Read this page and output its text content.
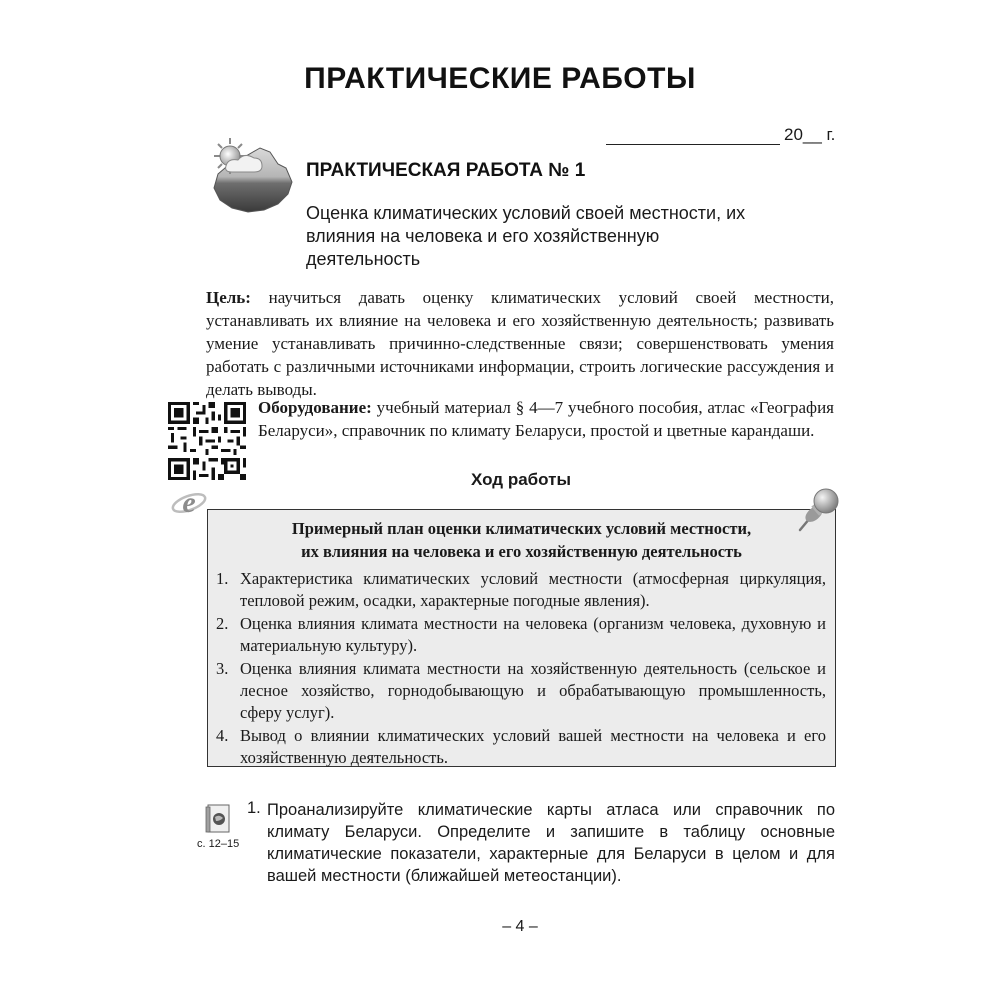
ПРАКТИЧЕСКИЕ РАБОТЫ
20__ г.
ПРАКТИЧЕСКАЯ РАБОТА № 1
Оценка климатических условий своей местности, их влияния на человека и его хозяйственную деятельность
Цель: научиться давать оценку климатических условий своей местности, устанавливать их влияние на человека и его хозяйственную деятельность; развивать умение устанавливать причинно-следственные связи; совершенствовать умения работать с различными источниками информации, строить логические рассуждения и делать выводы.
Оборудование: учебный материал § 4—7 учебного пособия, атлас «География Беларуси», справочник по климату Беларуси, простой и цветные карандаши.
e
Ход работы
Примерный план оценки климатических условий местности,
их влияния на человека и его хозяйственную деятельность
1. Характеристика климатических условий местности (атмосферная циркуляция, тепловой режим, осадки, характерные погодные явления).
2. Оценка влияния климата местности на человека (организм человека, духовную и материальную культуру).
3. Оценка влияния климата местности на хозяйственную деятельность (сельское и лесное хозяйство, горнодобывающую и обрабатывающую промышленность, сферу услуг).
4. Вывод о влиянии климатических условий вашей местности на человека и его хозяйственную деятельность.
с. 12–15
1. Проанализируйте климатические карты атласа или справочник по климату Беларуси. Определите и запишите в таблицу основные климатические показатели, характерные для Беларуси в целом и для вашей местности (ближайшей метеостанции).
– 4 –
